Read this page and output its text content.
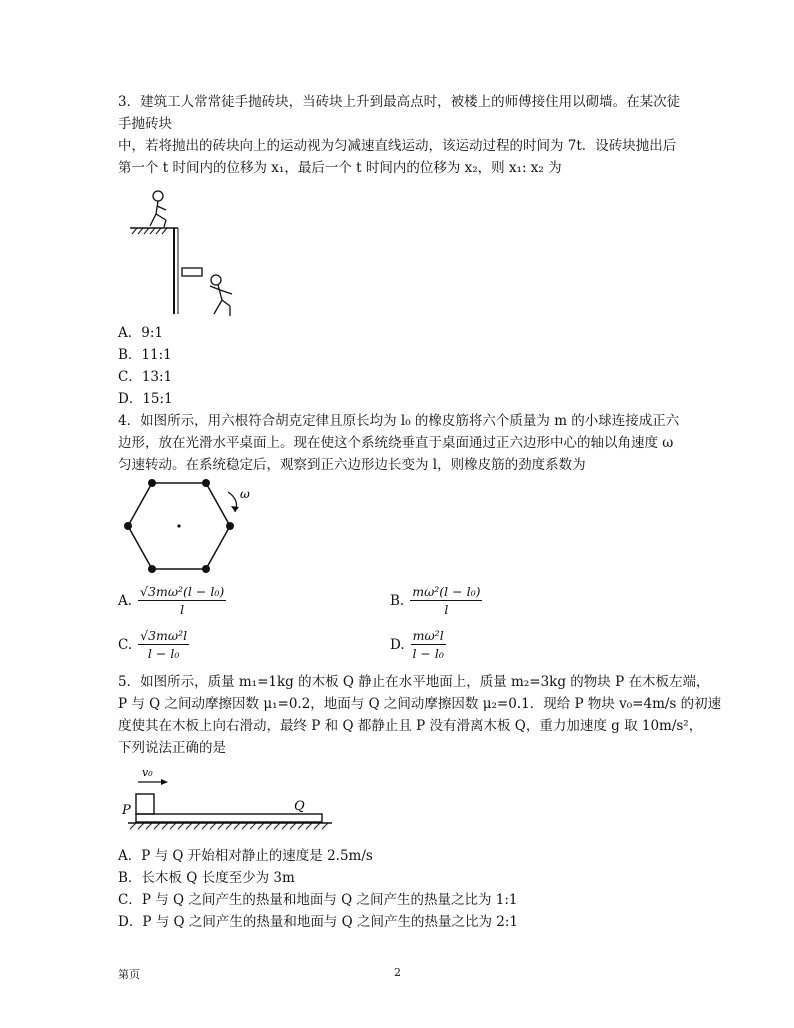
3．建筑工人常常徒手抛砖块，当砖块上升到最高点时，被楼上的师傅接住用以砌墙。在某次徒
手抛砖块
中，若将抛出的砖块向上的运动视为匀减速直线运动，该运动过程的时间为 7t．设砖块抛出后
第一个 t 时间内的位移为 x₁，最后一个 t 时间内的位移为 x₂，则 x₁: x₂ 为
A．9:1
B．11:1
C．13:1
D．15:1
4．如图所示，用六根符合胡克定律且原长均为 l₀ 的橡皮筋将六个质量为 m 的小球连接成正六
边形，放在光滑水平桌面上。现在使这个系统绕垂直于桌面通过正六边形中心的轴以角速度 ω
匀速转动。在系统稳定后，观察到正六边形边长变为 l，则橡皮筋的劲度系数为
ω
A. $\frac{\text{√3mω²(l − l₀)}}{l}$	B. $\frac{\text{mω²(l − l₀)}}{l}$
C. $\frac{\text{√3mω²l}}{\text{l − l₀}}$	D. $\frac{\text{mω²l}}{\text{l − l₀}}$
5．如图所示，质量 m₁=1kg 的木板 Q 静止在水平地面上，质量 m₂=3kg 的物块 P 在木板左端，
P 与 Q 之间动摩擦因数 μ₁=0.2，地面与 Q 之间动摩擦因数 μ₂=0.1．现给 P 物块 v₀=4m/s 的初速
度使其在木板上向右滑动，最终 P 和 Q 都静止且 P 没有滑离木板 Q，重力加速度 g 取 10m/s²，
下列说法正确的是
v₀
P	Q
A．P 与 Q 开始相对静止的速度是 2.5m/s
B．长木板 Q 长度至少为 3m
C．P 与 Q 之间产生的热量和地面与 Q 之间产生的热量之比为 1:1
D．P 与 Q 之间产生的热量和地面与 Q 之间产生的热量之比为 2:1
第页	2
